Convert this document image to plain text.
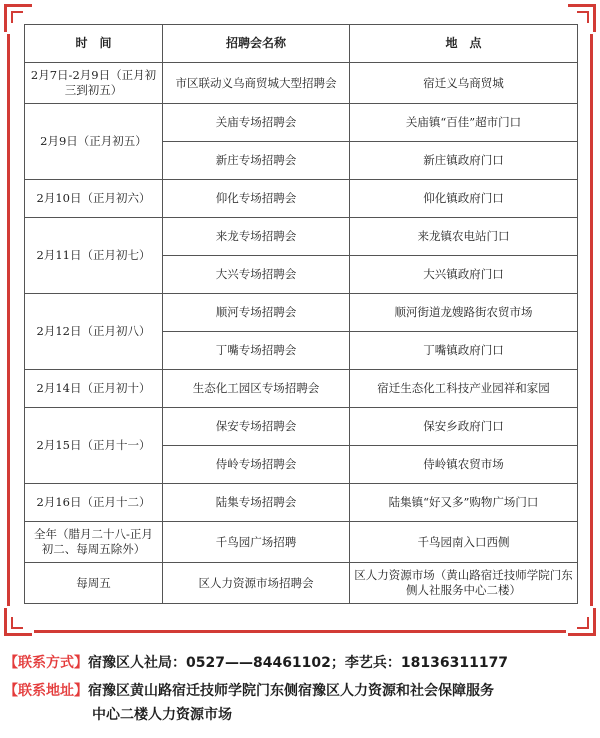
时　间	招聘会名称	地　点
2月7日-2月9日（正月初三到初五）	市区联动义乌商贸城大型招聘会	宿迁义乌商贸城
2月9日（正月初五）	关庙专场招聘会	关庙镇“百佳”超市门口
	新庄专场招聘会	新庄镇政府门口
2月10日（正月初六）	仰化专场招聘会	仰化镇政府门口
2月11日（正月初七）	来龙专场招聘会	来龙镇农电站门口
	大兴专场招聘会	大兴镇政府门口
2月12日（正月初八）	顺河专场招聘会	顺河街道龙嫂路街农贸市场
	丁嘴专场招聘会	丁嘴镇政府门口
2月14日（正月初十）	生态化工园区专场招聘会	宿迁生态化工科技产业园祥和家园
2月15日（正月十一）	保安专场招聘会	保安乡政府门口
	侍岭专场招聘会	侍岭镇农贸市场
2月16日（正月十二）	陆集专场招聘会	陆集镇“好又多”购物广场门口
全年（腊月二十八-正月初二、每周五除外）	千鸟园广场招聘	千鸟园南入口西侧
每周五	区人力资源市场招聘会	区人力资源市场（黄山路宿迁技师学院门东侧人社服务中心二楼）
【联系方式】宿豫区人社局：0527——84461102；李艺兵：18136311177
【联系地址】宿豫区黄山路宿迁技师学院门东侧宿豫区人力资源和社会保障服务
中心二楼人力资源市场
